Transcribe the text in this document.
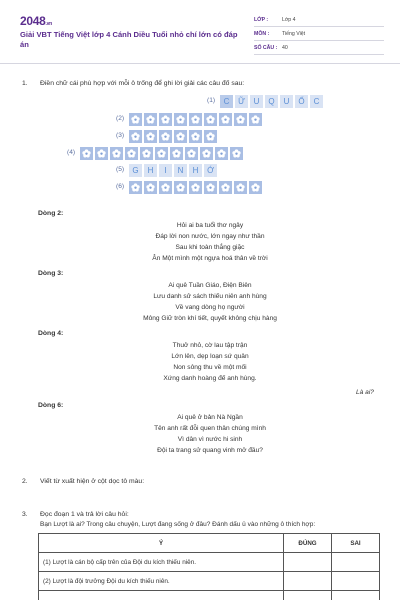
2048.vn
Giải VBT Tiếng Việt lớp 4 Cánh Diều Tuổi nhỏ chí lớn có đáp án
LỚP :	Lớp 4
MÔN :	Tiếng Việt
SỐ CÂU : 40
1. Điền chữ cái phù hợp với mỗi ô trống để ghi lời giải các câu đố sau:
(1)	C	Ữ	U	Q	U	Ố	C
(2)
(3)
(4)
(5)	G	H	I	N	H	Ớ
(6)
Dòng 2:
Hỏi ai ba tuổi thơ ngây
Đáp lời non nước, lớn ngay như thần
Sau khi toàn thắng giặc
Ân Một mình một ngựa hoá thân về trời
Dòng 3:
Ai quê Tuần Giáo, Điện Biên
Lưu danh sử sách thiếu niên anh hùng
Về vang dòng họ người
Mông Giữ tròn khí tiết, quyết không chịu hàng
Dòng 4:
Thuở nhỏ, cờ lau tập trận
Lớn lên, dẹp loạn sứ quân
Non sông thu về một mối
Xứng danh hoàng đế anh hùng.
Dòng 6:
Ai quê ở bản Nà Ngần
Tên anh rất đỗi quen thân chúng mình
Vì dân vì nước hi sinh
Đội ta trang sử quang vinh mở đầu?
Là ai?
2. Viết từ xuất hiện ở cột dọc tô màu:
3. Đọc đoạn 1 và trả lời câu hỏi:
Bạn Lượt là ai? Trong câu chuyện, Lượt đang sống ở đâu? Đánh dấu ü vào những ô thích hợp:
Ý	ĐÚNG	SAI
(1) Lượt là cán bộ cấp trên của Đội du kích thiếu niên.
(2) Lượt là đội trưởng Đội du kích thiếu niên.
